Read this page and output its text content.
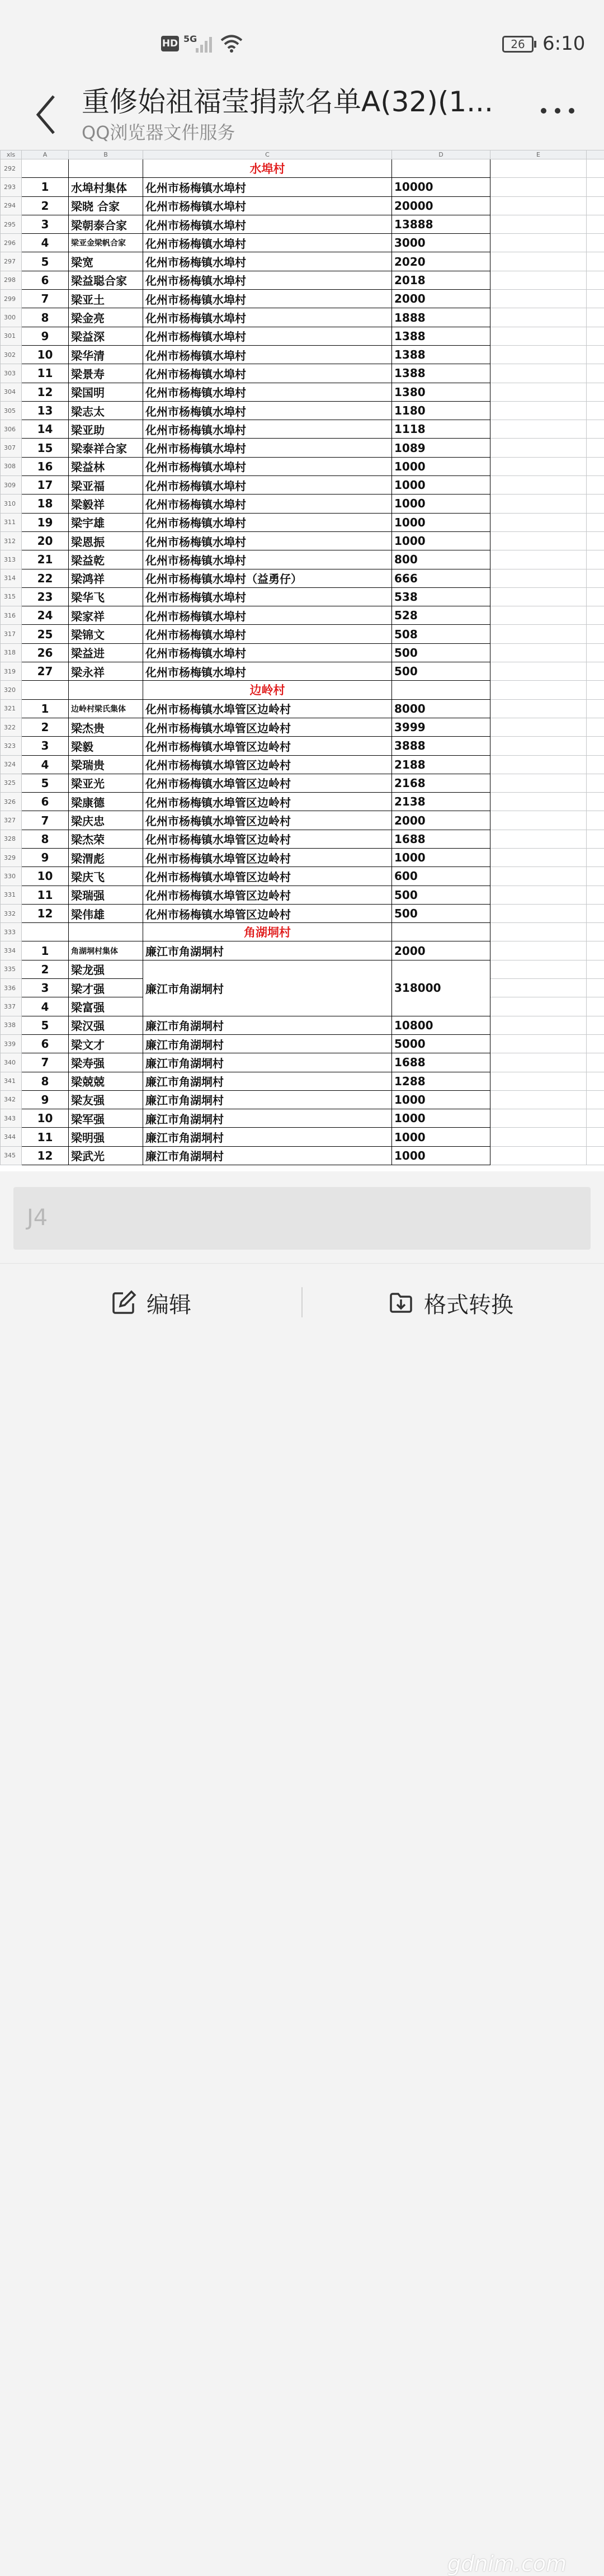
HD 5G	26 6:10
重修始祖福莹捐款名单A(32)(1...
QQ浏览器文件服务
xls	A	B	C	D	E	
292			水埠村			
293	1	水埠村集体	化州市杨梅镇水埠村	10000		
294	2	梁晓 合家	化州市杨梅镇水埠村	20000		
295	3	梁朝泰合家	化州市杨梅镇水埠村	13888		
296	4	梁亚金梁帆合家	化州市杨梅镇水埠村	3000		
297	5	梁宽	化州市杨梅镇水埠村	2020		
298	6	梁益聪合家	化州市杨梅镇水埠村	2018		
299	7	梁亚土	化州市杨梅镇水埠村	2000		
300	8	梁金亮	化州市杨梅镇水埠村	1888		
301	9	梁益深	化州市杨梅镇水埠村	1388		
302	10	梁华清	化州市杨梅镇水埠村	1388		
303	11	梁景寿	化州市杨梅镇水埠村	1388		
304	12	梁国明	化州市杨梅镇水埠村	1380		
305	13	梁志太	化州市杨梅镇水埠村	1180		
306	14	梁亚助	化州市杨梅镇水埠村	1118		
307	15	梁泰祥合家	化州市杨梅镇水埠村	1089		
308	16	梁益林	化州市杨梅镇水埠村	1000		
309	17	梁亚福	化州市杨梅镇水埠村	1000		
310	18	梁毅祥	化州市杨梅镇水埠村	1000		
311	19	梁宇雄	化州市杨梅镇水埠村	1000		
312	20	梁恩振	化州市杨梅镇水埠村	1000		
313	21	梁益乾	化州市杨梅镇水埠村	800		
314	22	梁鸿祥	化州市杨梅镇水埠村（益勇仔）	666		
315	23	梁华飞	化州市杨梅镇水埠村	538		
316	24	梁家祥	化州市杨梅镇水埠村	528		
317	25	梁锦文	化州市杨梅镇水埠村	508		
318	26	梁益进	化州市杨梅镇水埠村	500		
319	27	梁永祥	化州市杨梅镇水埠村	500		
320			边岭村			
321	1	边岭村梁氏集体	化州市杨梅镇水埠管区边岭村	8000		
322	2	梁杰贵	化州市杨梅镇水埠管区边岭村	3999		
323	3	梁毅	化州市杨梅镇水埠管区边岭村	3888		
324	4	梁瑞贵	化州市杨梅镇水埠管区边岭村	2188		
325	5	梁亚光	化州市杨梅镇水埠管区边岭村	2168		
326	6	梁康德	化州市杨梅镇水埠管区边岭村	2138		
327	7	梁庆忠	化州市杨梅镇水埠管区边岭村	2000		
328	8	梁杰荣	化州市杨梅镇水埠管区边岭村	1688		
329	9	梁渭彪	化州市杨梅镇水埠管区边岭村	1000		
330	10	梁庆飞	化州市杨梅镇水埠管区边岭村	600		
331	11	梁瑞强	化州市杨梅镇水埠管区边岭村	500		
332	12	梁伟雄	化州市杨梅镇水埠管区边岭村	500		
333			角湖垌村			
334	1	角湖垌村集体	廉江市角湖垌村	2000		
335	2	梁龙强	廉江市角湖垌村	318000		
336	3	梁才强				
337	4	梁富强				
338	5	梁汉强	廉江市角湖垌村	10800		
339	6	梁文才	廉江市角湖垌村	5000		
340	7	梁寿强	廉江市角湖垌村	1688		
341	8	梁兢兢	廉江市角湖垌村	1288		
342	9	梁友强	廉江市角湖垌村	1000		
343	10	梁军强	廉江市角湖垌村	1000		
344	11	梁明强	廉江市角湖垌村	1000		
345	12	梁武光	廉江市角湖垌村	1000		
J4
编辑	格式转换
gdnim.com
